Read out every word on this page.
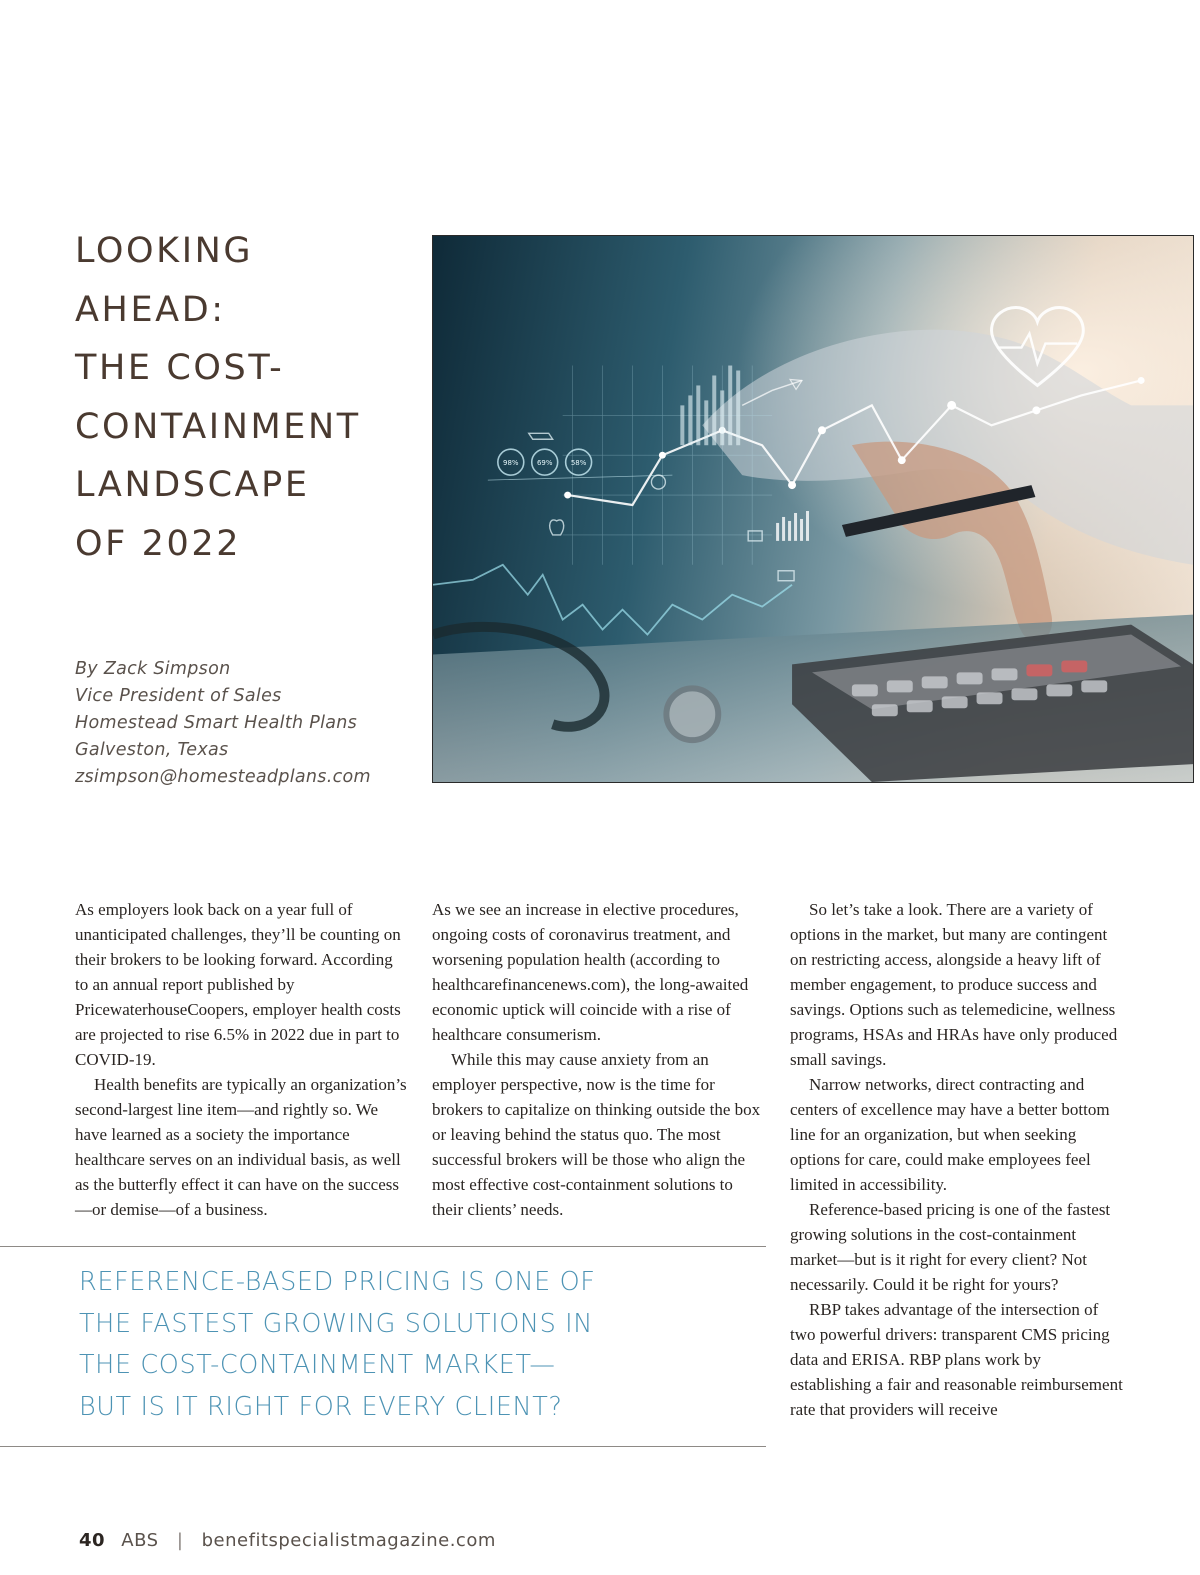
LOOKING
AHEAD:
THE COST-
CONTAINMENT
LANDSCAPE
OF 2022
By Zack Simpson
Vice President of Sales
Homestead Smart Health Plans
Galveston, Texas
zsimpson@homesteadplans.com
98%	69%	58%

As employers look back on a year full of unanticipated challenges, they’ll be counting on their brokers to be looking forward. According to an annual report published by PricewaterhouseCoopers, employer health costs are projected to rise 6.5% in 2022 due in part to COVID-19.

Health benefits are typically an organization’s second-largest line item—and rightly so. We have learned as a society the importance healthcare serves on an individual basis, as well as the butterfly effect it can have on the success—or demise—of a business.

As we see an increase in elective procedures, ongoing costs of coronavirus treatment, and worsening population health (according to healthcarefinancenews.com), the long-awaited economic uptick will coincide with a rise of healthcare consumerism.

While this may cause anxiety from an employer perspective, now is the time for brokers to capitalize on thinking outside the box or leaving behind the status quo. The most successful brokers will be those who align the most effective cost-containment solutions to their clients’ needs.

So let’s take a look. There are a variety of options in the market, but many are contingent on restricting access, alongside a heavy lift of member engagement, to produce success and savings. Options such as telemedicine, wellness programs, HSAs and HRAs have only produced small savings.

Narrow networks, direct contracting and centers of excellence may have a better bottom line for an organization, but when seeking options for care, could make employees feel limited in accessibility.

Reference-based pricing is one of the fastest growing solutions in the cost-containment market—but is it right for every client? Not necessarily. Could it be right for yours?

RBP takes advantage of the intersection of two powerful drivers: transparent CMS pricing data and ERISA. RBP plans work by establishing a fair and reasonable reimbursement rate that providers will receive

REFERENCE-BASED PRICING IS ONE OF
THE FASTEST GROWING SOLUTIONS IN
THE COST-CONTAINMENT MARKET—
BUT IS IT RIGHT FOR EVERY CLIENT?
40 ABS | benefitspecialistmagazine.com
